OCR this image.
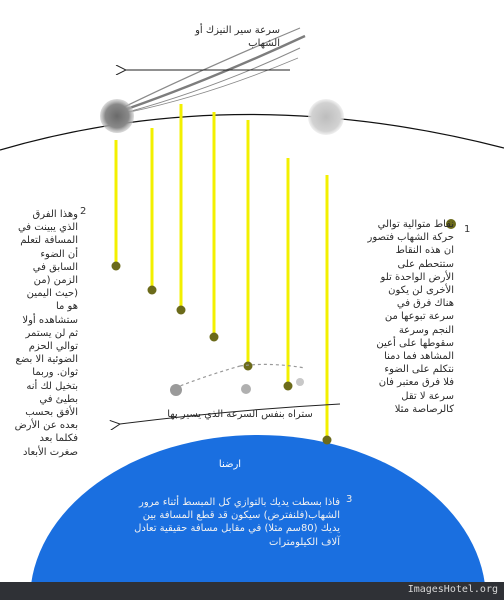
سرعة سير النيزك أو
الشهاب
1
نقاط متوالية توالي
حركة الشهاب فتصور
ان هذه النقاط
ستتحطم على
الأرض الواحدة تلو
الأخرى لن يكون
هناك فرق في
سرعة تبوعها من
النجم وسرعة
سقوطها على أعين
المشاهد فما دمنا
نتكلم على الضوء
فلا فرق معتبر فان
سرعة لا تقل
كالرصاصة مثلا
2
وهذا الفرق
الذي يبينت في
المسافة لتعلم
أن الضوء
السابق في
الزمن (من
(حيث اليمين
هو ما
ستشاهده أولا
ثم لن يستمر
توالي الحزم
الضوئية الا بضع
ثوان. وربما
بتخيل لك أنه
بطيئ في
الأفق بحسب
بعده عن الأرض
فكلما بعد
صغرت الأبعاد
ستراه بنفس السرعة الذي يسير بها
ارضنا
3
فاذا بسطت يديك بالتوازي كل المبسط أثناء مرور
الشهاب(فلنفترض) سيكون قد قطع المسافة بين
يديك (80سم مثلا) في مقابل مسافة حقيقية تعادل
آلاف الكيلومترات
ImagesHotel.org
